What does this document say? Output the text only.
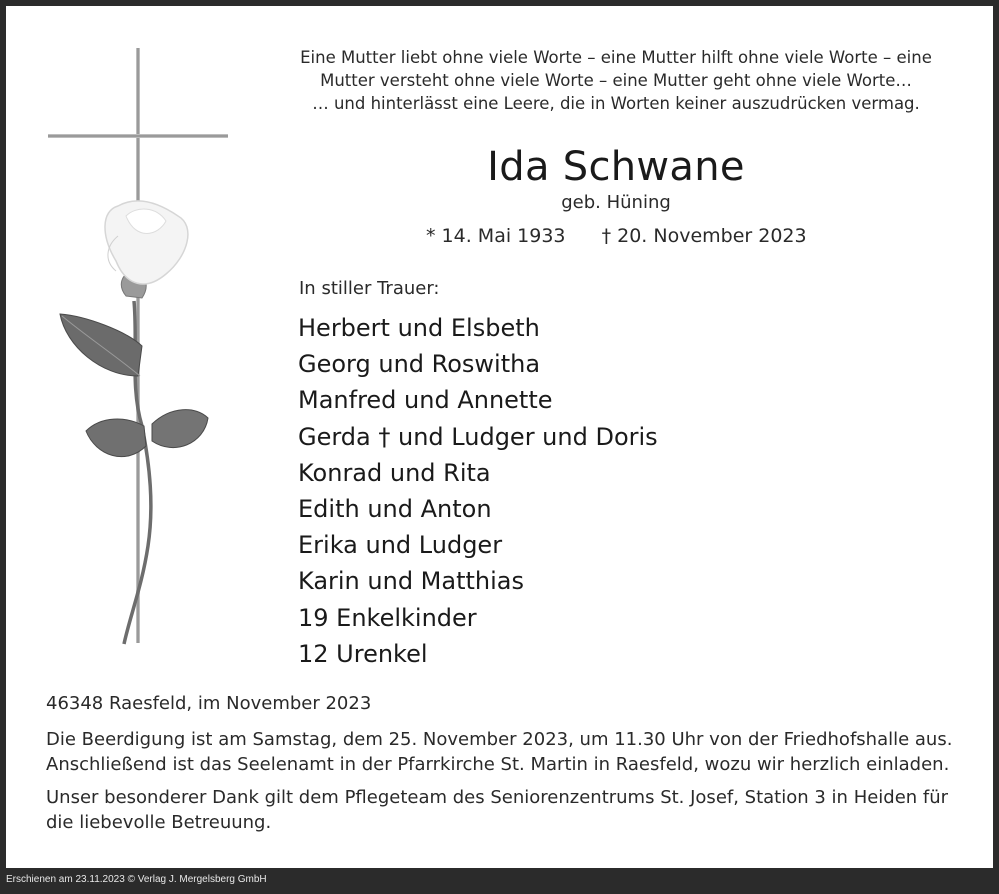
Eine Mutter liebt ohne viele Worte – eine Mutter hilft ohne viele Worte – eine
Mutter versteht ohne viele Worte – eine Mutter geht ohne viele Worte…
… und hinterlässt eine Leere, die in Worten keiner auszudrücken vermag.
Ida Schwane
geb. Hüning
* 14. Mai 1933 † 20. November 2023
In stiller Trauer:
Herbert und Elsbeth
Georg und Roswitha
Manfred und Annette
Gerda † und Ludger und Doris
Konrad und Rita
Edith und Anton
Erika und Ludger
Karin und Matthias
19 Enkelkinder
12 Urenkel
46348 Raesfeld, im November 2023
Die Beerdigung ist am Samstag, dem 25. November 2023, um 11.30 Uhr von der Friedhofshalle aus.
Anschließend ist das Seelenamt in der Pfarrkirche St. Martin in Raesfeld, wozu wir herzlich einladen.
Unser besonderer Dank gilt dem Pflegeteam des Seniorenzentrums St. Josef, Station 3 in Heiden für
die liebevolle Betreuung.
Erschienen am 23.11.2023 © Verlag J. Mergelsberg GmbH
